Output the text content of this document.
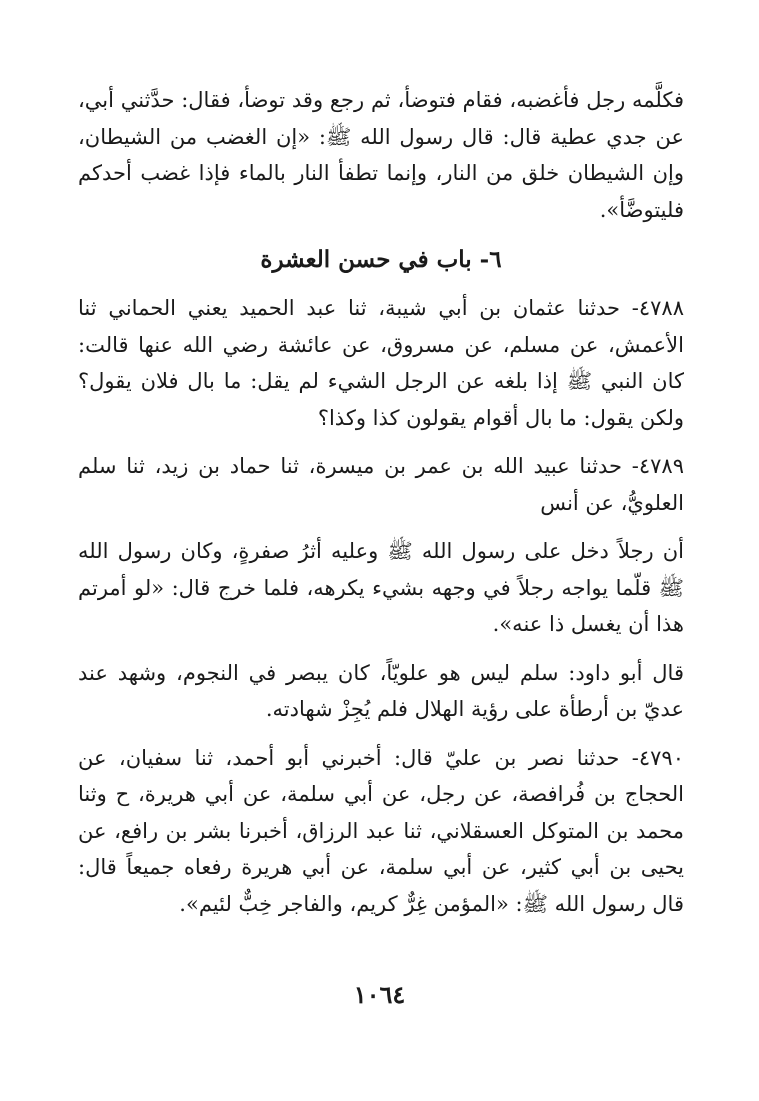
فكلَّمه رجل فأغضبه، فقام فتوضأ، ثم رجع وقد توضأ، فقال: حدَّثني أبي، عن جدي عطية قال: قال رسول الله ﷺ: «إن الغضب من الشيطان، وإن الشيطان خلق من النار، وإنما تطفأ النار بالماء فإذا غضب أحدكم فليتوضَّأ».

٦- باب في حسن العشرة

٤٧٨٨- حدثنا عثمان بن أبي شيبة، ثنا عبد الحميد يعني الحماني ثنا الأعمش، عن مسلم، عن مسروق، عن عائشة رضي الله عنها قالت: كان النبي ﷺ إذا بلغه عن الرجل الشيء لم يقل: ما بال فلان يقول؟ ولكن يقول: ما بال أقوام يقولون كذا وكذا؟

٤٧٨٩- حدثنا عبيد الله بن عمر بن ميسرة، ثنا حماد بن زيد، ثنا سلم العلويُّ، عن أنس

أن رجلاً دخل على رسول الله ﷺ وعليه أثرُ صفرةٍ، وكان رسول الله ﷺ قلّما يواجه رجلاً في وجهه بشيء يكرهه، فلما خرج قال: «لو أمرتم هذا أن يغسل ذا عنه».

قال أبو داود: سلم ليس هو علويّاً، كان يبصر في النجوم، وشهد عند عديّ بن أرطأة على رؤية الهلال فلم يُجِزْ شهادته.

٤٧٩٠- حدثنا نصر بن عليّ قال: أخبرني أبو أحمد، ثنا سفيان، عن الحجاج بن فُرافصة، عن رجل، عن أبي سلمة، عن أبي هريرة، ح وثنا محمد بن المتوكل العسقلاني، ثنا عبد الرزاق، أخبرنا بشر بن رافع، عن يحيى بن أبي كثير، عن أبي سلمة، عن أبي هريرة رفعاه جميعاً قال: قال رسول الله ﷺ: «المؤمن غِرٌّ كريم، والفاجر خِبٌّ لئيم».

١٠٦٤
